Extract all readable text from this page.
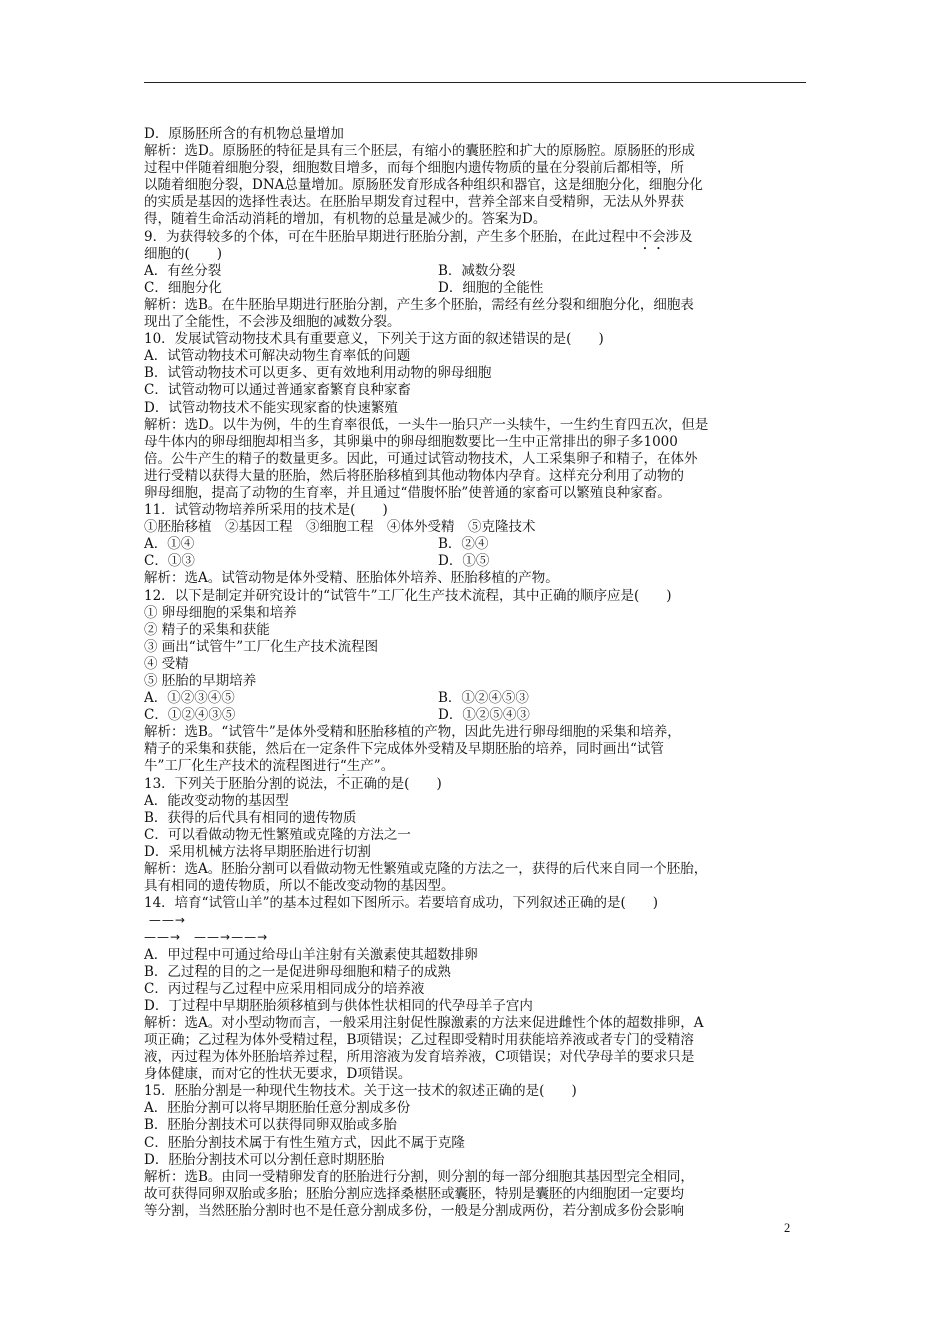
D．原肠胚所含的有机物总量增加
解析：选D。原肠胚的特征是具有三个胚层，有缩小的囊胚腔和扩大的原肠腔。原肠胚的形成
过程中伴随着细胞分裂，细胞数目增多，而每个细胞内遗传物质的量在分裂前后都相等，所
以随着细胞分裂，DNA总量增加。原肠胚发育形成各种组织和器官，这是细胞分化，细胞分化
的实质是基因的选择性表达。在胚胎早期发育过程中，营养全部来自受精卵，无法从外界获
得，随着生命活动消耗的增加，有机物的总量是减少的。答案为D。
9．为获得较多的个体，可在牛胚胎早期进行胚胎分割，产生多个胚胎，在此过程中不会涉及
细胞的(　　)
A．有丝分裂	B．减数分裂
C．细胞分化	D．细胞的全能性
解析：选B。在牛胚胎早期进行胚胎分割，产生多个胚胎，需经有丝分裂和细胞分化，细胞表
现出了全能性，不会涉及细胞的减数分裂。
10．发展试管动物技术具有重要意义，下列关于这方面的叙述错误的是(　　)
A．试管动物技术可解决动物生育率低的问题
B．试管动物技术可以更多、更有效地利用动物的卵母细胞
C．试管动物可以通过普通家畜繁育良种家畜
D．试管动物技术不能实现家畜的快速繁殖
解析：选D。以牛为例，牛的生育率很低，一头牛一胎只产一头犊牛，一生约生育四五次，但是
母牛体内的卵母细胞却相当多，其卵巢中的卵母细胞数要比一生中正常排出的卵子多1000
倍。公牛产生的精子的数量更多。因此，可通过试管动物技术，人工采集卵子和精子，在体外
进行受精以获得大量的胚胎，然后将胚胎移植到其他动物体内孕育。这样充分利用了动物的
卵母细胞，提高了动物的生育率，并且通过“借腹怀胎”使普通的家畜可以繁殖良种家畜。
11．试管动物培养所采用的技术是(　　)
①胚胎移植　②基因工程　③细胞工程　④体外受精　⑤克隆技术
A．①④	B．②④
C．①③	D．①⑤
解析：选A。试管动物是体外受精、胚胎体外培养、胚胎移植的产物。
12．以下是制定并研究设计的“试管牛”工厂化生产技术流程，其中正确的顺序应是(　　)
① 卵母细胞的采集和培养
② 精子的采集和获能
③ 画出“试管牛”工厂化生产技术流程图
④ 受精
⑤ 胚胎的早期培养
A．①②③④⑤	B．①②④⑤③
C．①②④③⑤	D．①②⑤④③
解析：选B。“试管牛”是体外受精和胚胎移植的产物，因此先进行卵母细胞的采集和培养，
精子的采集和获能，然后在一定条件下完成体外受精及早期胚胎的培养，同时画出“试管
牛”工厂化生产技术的流程图进行“生产”。
13．下列关于胚胎分割的说法，不正确的是(　　)
A．能改变动物的基因型
B．获得的后代具有相同的遗传物质
C．可以看做动物无性繁殖或克隆的方法之一
D．采用机械方法将早期胚胎进行切割
解析：选A。胚胎分割可以看做动物无性繁殖或克隆的方法之一，获得的后代来自同一个胚胎，
具有相同的遗传物质，所以不能改变动物的基因型。
14．培育“试管山羊”的基本过程如下图所示。若要培育成功，下列叙述正确的是(　　)
——→
——→　——→——→
A．甲过程中可通过给母山羊注射有关激素使其超数排卵
B．乙过程的目的之一是促进卵母细胞和精子的成熟
C．丙过程与乙过程中应采用相同成分的培养液
D．丁过程中早期胚胎须移植到与供体性状相同的代孕母羊子宫内
解析：选A。对小型动物而言，一般采用注射促性腺激素的方法来促进雌性个体的超数排卵，A
项正确；乙过程为体外受精过程，B项错误；乙过程即受精时用获能培养液或者专门的受精溶
液，丙过程为体外胚胎培养过程，所用溶液为发育培养液，C项错误；对代孕母羊的要求只是
身体健康，而对它的性状无要求，D项错误。
15．胚胎分割是一种现代生物技术。关于这一技术的叙述正确的是(　　)
A．胚胎分割可以将早期胚胎任意分割成多份
B．胚胎分割技术可以获得同卵双胎或多胎
C．胚胎分割技术属于有性生殖方式，因此不属于克隆
D．胚胎分割技术可以分割任意时期胚胎
解析：选B。由同一受精卵发育的胚胎进行分割，则分割的每一部分细胞其基因型完全相同，
故可获得同卵双胎或多胎；胚胎分割应选择桑椹胚或囊胚，特别是囊胚的内细胞团一定要均
等分割，当然胚胎分割时也不是任意分割成多份，一般是分割成两份，若分割成多份会影响
2
